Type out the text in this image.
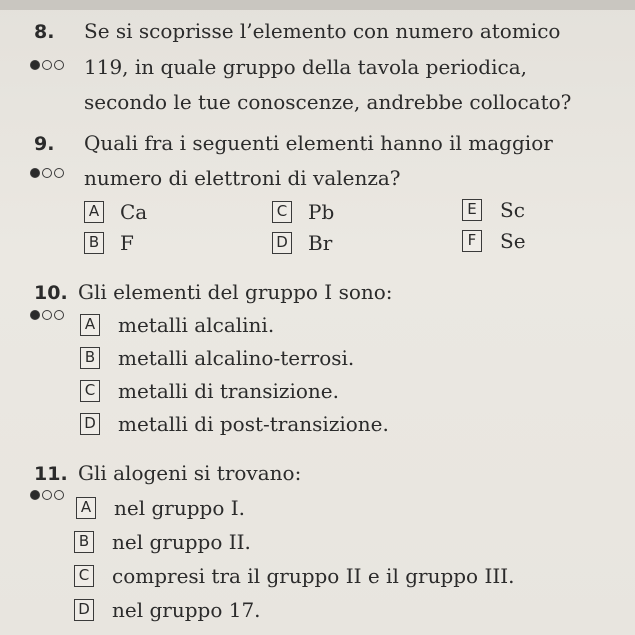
8. Se si scoprisse l’elemento con numero atomico
119, in quale gruppo della tavola periodica,
secondo le tue conoscenze, andrebbe collocato?
9. Quali fra i seguenti elementi hanno il maggior
numero di elettroni di valenza?
A Ca
B F
C Pb
D Br
E Sc
F Se
10. Gli elementi del gruppo I sono:
A metalli alcalini.
B metalli alcalino-terrosi.
C metalli di transizione.
D metalli di post-transizione.
11. Gli alogeni si trovano:
A nel gruppo I.
B nel gruppo II.
C compresi tra il gruppo II e il gruppo III.
D nel gruppo 17.
